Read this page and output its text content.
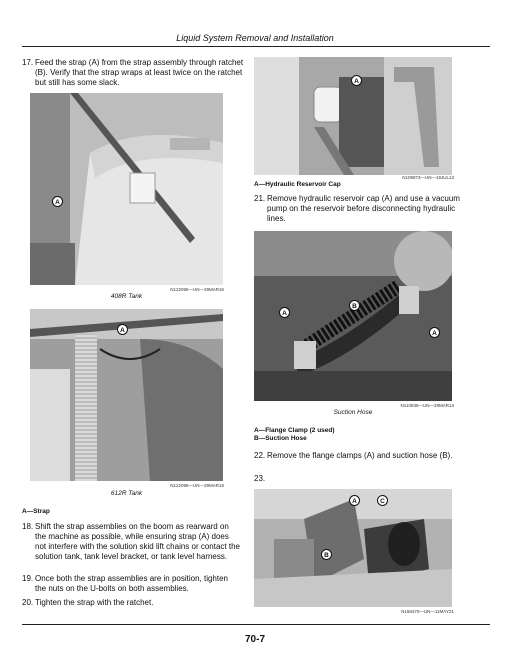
Liquid System Removal and Installation
17. Feed the strap (A) from the strap assembly through ratchet (B). Verify that the strap wraps at least twice on the ratchet but still has some slack.
A
N122095—UN—29MAR16
408R Tank
A
N122096—UN—29MAR16
612R Tank
A—Strap
18. Shift the strap assemblies on the boom as rearward on the machine as possible, while ensuring strap (A) does not interfere with the solution skid lift chains or contact the solution tank, tank level bracket, or tank level harness.
19. Once both the strap assemblies are in position, tighten the nuts on the U-bolts on both assemblies.
20. Tighten the strap with the ratchet.
A
N109873—UN—19JUL13
A—Hydraulic Reservoir Cap
21. Remove hydraulic reservoir cap (A) and use a vacuum pump on the reservoir before disconnecting hydraulic lines.
B
A
A
N110836—UN—29MAR14
Suction Hose
A—Flange Clamp (2 used)
B—Suction Hose
22. Remove the flange clamps (A) and suction hose (B).
23.
A	C
B
N158470—UN—11MAY21
70-7
